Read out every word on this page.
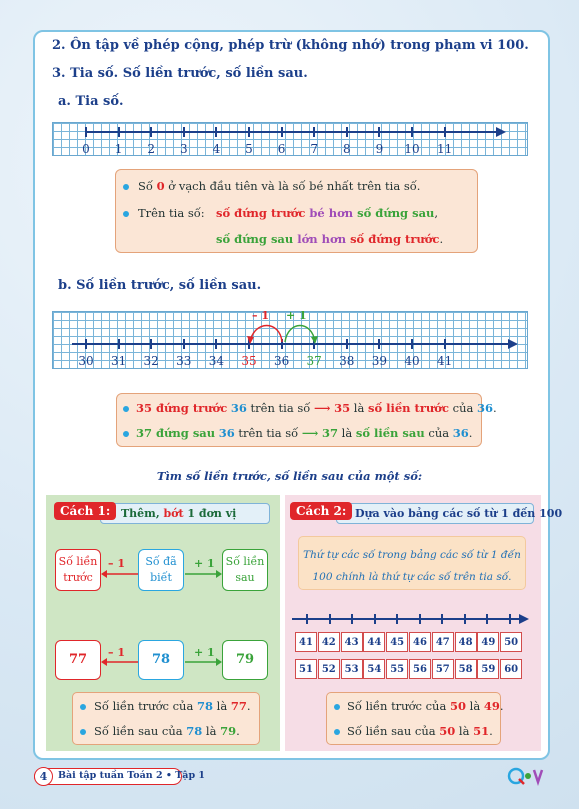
2. Ôn tập về phép cộng, phép trừ (không nhớ) trong phạm vi 100.
3. Tia số. Số liền trước, số liền sau.
a. Tia số.
0 1 2 3 4 5 6 7 8 9 10 11
Số 0 ở vạch đầu tiên và là số bé nhất trên tia số.
Trên tia số: số đứng trước bé hơn số đứng sau,
số đứng sau lớn hơn số đứng trước.
b. Số liền trước, số liền sau.
30 31 32 33 34 35 36 37 38 39 40 41
– 1 + 1
35 đứng trước 36 trên tia số ⟶ 35 là số liền trước của 36.
37 đứng sau 36 trên tia số ⟶ 37 là số liền sau của 36.
Tìm số liền trước, số liền sau của một số:
Thêm, bớt 1 đơn vị
Cách 1:
Số liền
trước
Số đã
biết
Số liền
sau
– 1	+ 1
77	78	79
– 1	+ 1
Số liền trước của 78 là 77.
Số liền sau của 78 là 79.
Dựa vào bảng các số từ 1 đến 100
Cách 2:
Thứ tự các số trong bảng các số từ 1 đến
100 chính là thứ tự các số trên tia số.
41 42 43 44 45 46 47 48 49 50
51 52 53 54 55 56 57 58 59 60
Số liền trước của 50 là 49.
Số liền sau của 50 là 51.
4	Bài tập tuần Toán 2 • Tập 1
